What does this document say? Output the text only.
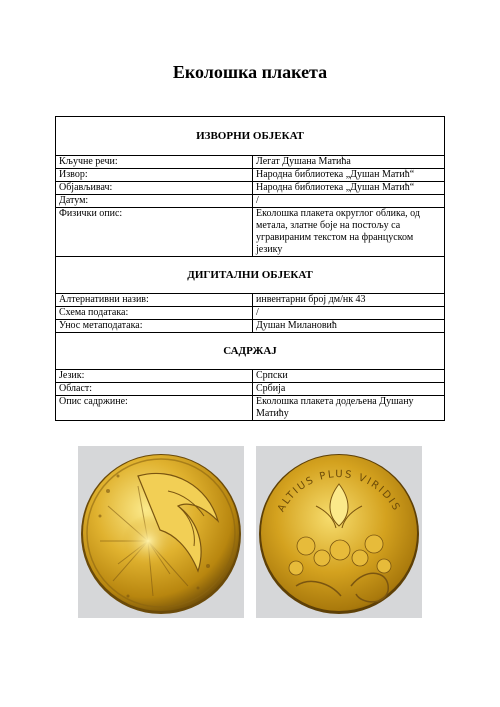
Еколошка плакета
ИЗВОРНИ ОБЈЕКАТ	
Кључне речи:	Легат Душана Матића
Извор:	Народна библиотека „Душан Матић“
Објављивач:	Народна библиотека „Душан Матић“
Датум:	/
Физички опис:	Еколошка плакета округлог облика, од метала, златне боје на постољу са угравираним текстом на француском језику
ДИГИТАЛНИ ОБЈЕКАТ	
Алтернативни назив:	инвентарни број дм/нк 43
Схема података:	/
Унос метаподатака:	Душан Милановић
САДРЖАЈ	
Језик:	Српски
Област:	Србија
Опис садржине:	Еколошка плакета додељена Душану Матићу
ALTIUS PLUS VIRIDIS
